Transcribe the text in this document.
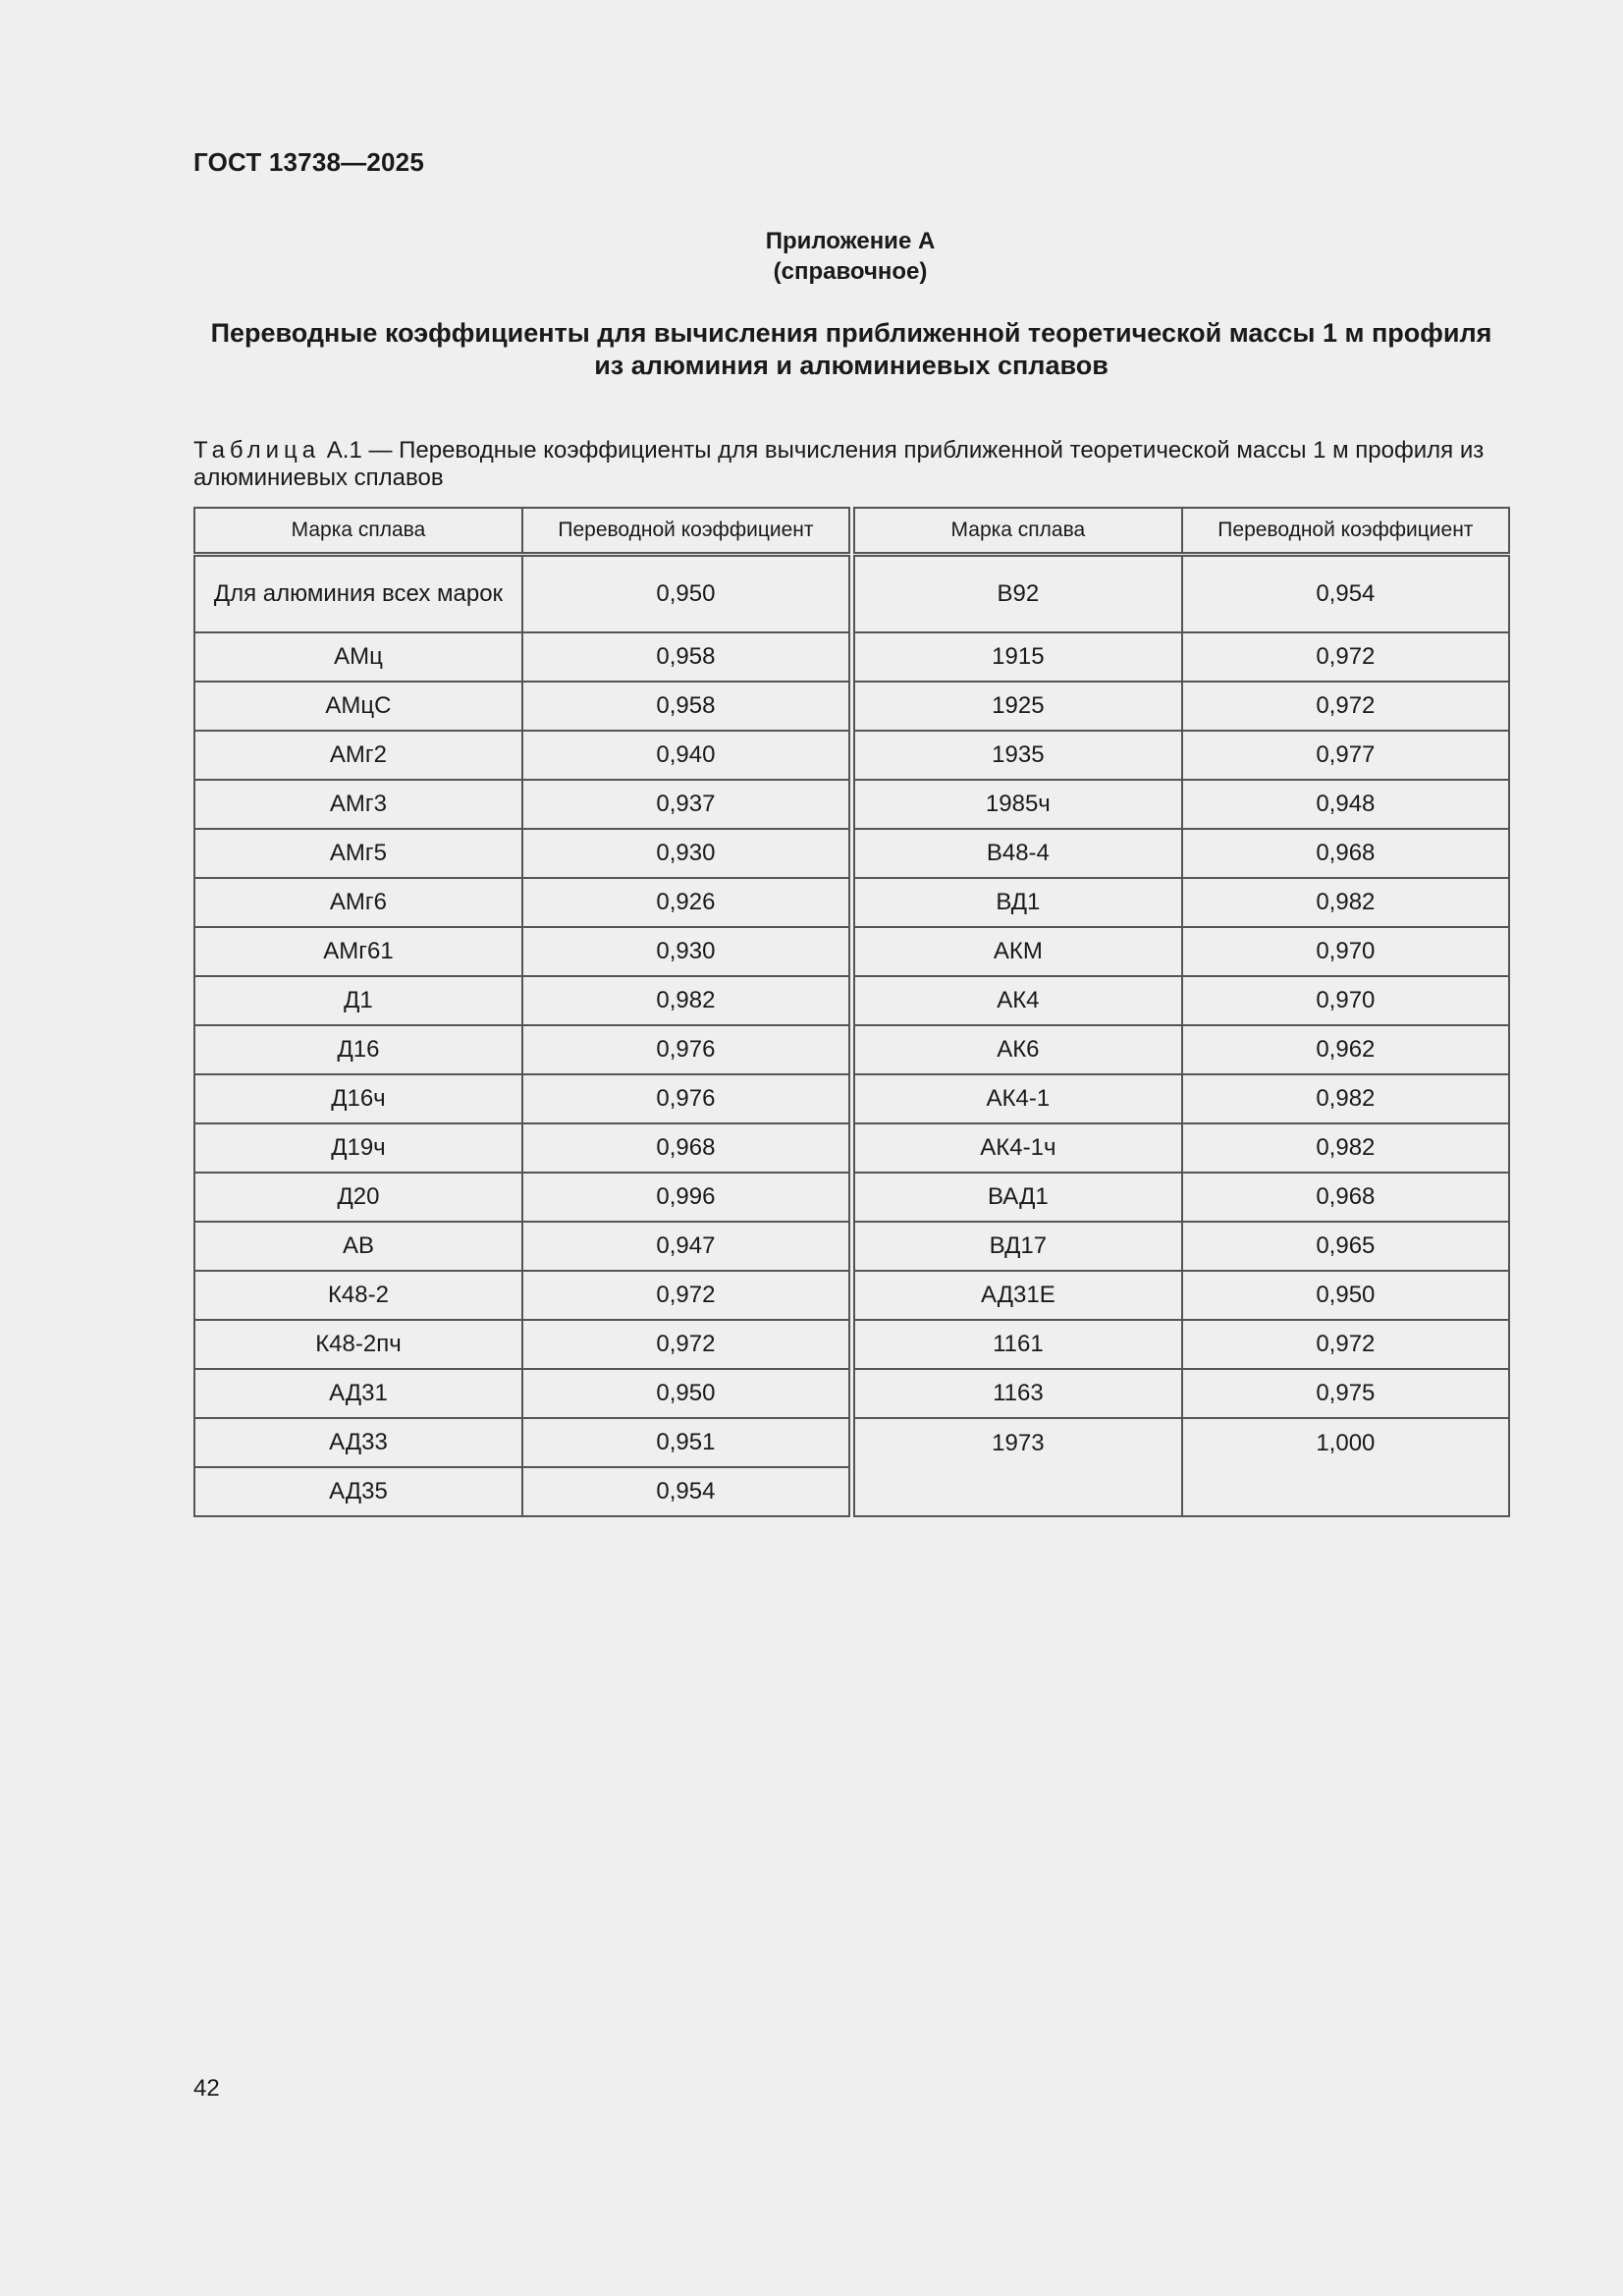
ГОСТ 13738—2025
Приложение А
(справочное)
Переводные коэффициенты для вычисления приближенной теоретической массы 1 м профиля из алюминия и алюминиевых сплавов
Таблица А.1 — Переводные коэффициенты для вычисления приближенной теоретической массы 1 м профиля из алюминиевых сплавов
Марка сплава	Переводной коэффициент
Для алюминия всех марок	0,950
АМц	0,958
АМцС	0,958
АМг2	0,940
АМг3	0,937
АМг5	0,930
АМг6	0,926
АМг61	0,930
Д1	0,982
Д16	0,976
Д16ч	0,976
Д19ч	0,968
Д20	0,996
АВ	0,947
К48-2	0,972
К48-2пч	0,972
АД31	0,950
АД33	0,951
АД35	0,954
Марка сплава	Переводной коэффициент
В92	0,954
1915	0,972
1925	0,972
1935	0,977
1985ч	0,948
В48-4	0,968
ВД1	0,982
АКМ	0,970
АК4	0,970
АК6	0,962
АК4-1	0,982
АК4-1ч	0,982
ВАД1	0,968
ВД17	0,965
АД31Е	0,950
1161	0,972
1163	0,975
1973	1,000

42
